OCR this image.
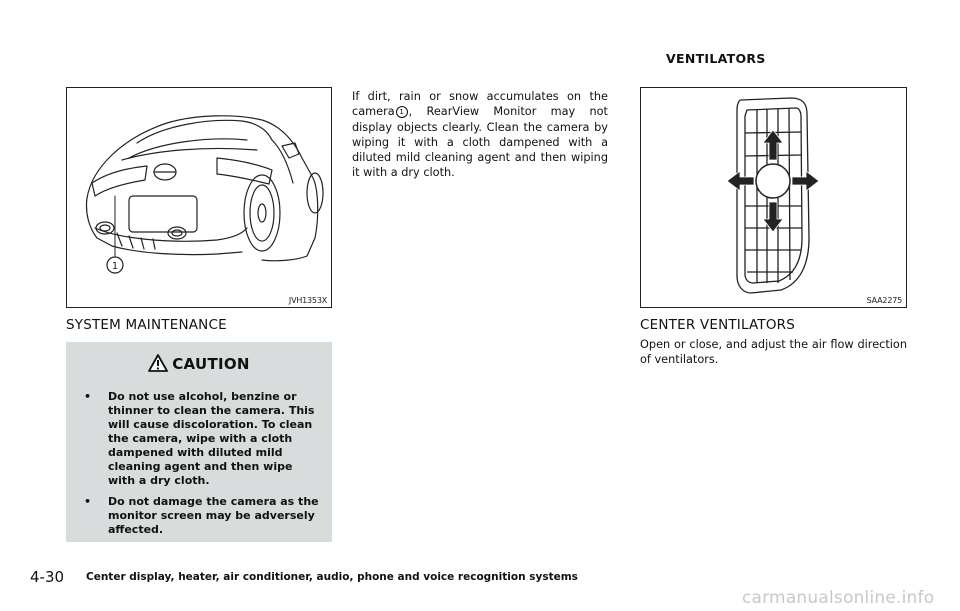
VENTILATORS
1
JVH1353X
SYSTEM MAINTENANCE
CAUTION
• Do not use alcohol, benzine or thinner to clean the camera. This will cause discoloration. To clean the camera, wipe with a cloth dampened with diluted mild cleaning agent and then wipe with a dry cloth.
• Do not damage the camera as the monitor screen may be adversely affected.
If dirt, rain or snow accumulates on the camera 1 , RearView Monitor may not display objects clearly. Clean the camera by wiping it with a cloth dampened with a diluted mild cleaning agent and then wiping it with a dry cloth.
SAA2275
CENTER VENTILATORS
Open or close, and adjust the air flow direction of ventilators.
4-30 Center display, heater, air conditioner, audio, phone and voice recognition systems
carmanualsonline.info
